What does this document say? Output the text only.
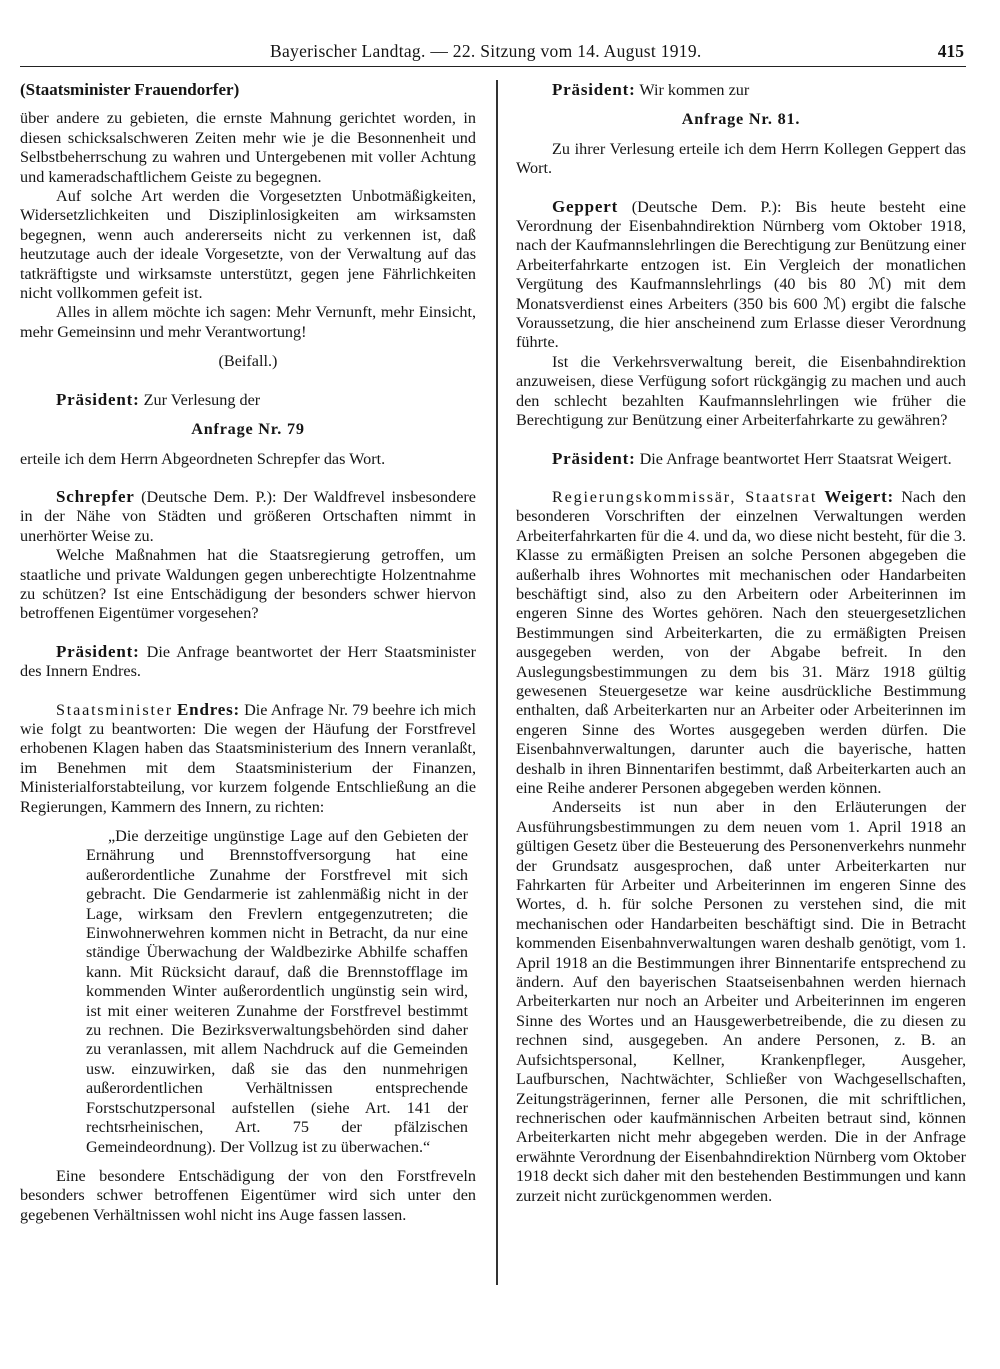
Bayerischer Landtag. — 22. Sitzung vom 14. August 1919.	415

(Staatsminister Frauendorfer)

über andere zu gebieten, die ernste Mahnung gerichtet worden, in diesen schicksalschweren Zeiten mehr wie je die Besonnenheit und Selbstbeherrschung zu wahren und Untergebenen mit voller Achtung und kameradschaftlichem Geiste zu begegnen.

Auf solche Art werden die Vorgesetzten Unbotmäßigkeiten, Widersetzlichkeiten und Disziplinlosigkeiten am wirksamsten begegnen, wenn auch andererseits nicht zu verkennen ist, daß heutzutage auch der ideale Vorgesetzte, von der Verwaltung auf das tatkräftigste und wirksamste unterstützt, gegen jene Fährlichkeiten nicht vollkommen gefeit ist.

Alles in allem möchte ich sagen: Mehr Vernunft, mehr Einsicht, mehr Gemeinsinn und mehr Verantwortung!

(Beifall.)

Präsident: Zur Verlesung der

Anfrage Nr. 79

erteile ich dem Herrn Abgeordneten Schrepfer das Wort.

Schrepfer (Deutsche Dem. P.): Der Waldfrevel insbesondere in der Nähe von Städten und größeren Ortschaften nimmt in unerhörter Weise zu.

Welche Maßnahmen hat die Staatsregierung getroffen, um staatliche und private Waldungen gegen unberechtigte Holzentnahme zu schützen? Ist eine Entschädigung der besonders schwer hiervon betroffenen Eigentümer vorgesehen?

Präsident: Die Anfrage beantwortet der Herr Staatsminister des Innern Endres.

Staatsminister Endres: Die Anfrage Nr. 79 beehre ich mich wie folgt zu beantworten: Die wegen der Häufung der Forstfrevel erhobenen Klagen haben das Staatsministerium des Innern veranlaßt, im Benehmen mit dem Staatsministerium der Finanzen, Ministerialforstabteilung, vor kurzem folgende Entschließung an die Regierungen, Kammern des Innern, zu richten:

„Die derzeitige ungünstige Lage auf den Gebieten der Ernährung und Brennstoffversorgung hat eine außerordentliche Zunahme der Forstfrevel mit sich gebracht. Die Gendarmerie ist zahlenmäßig nicht in der Lage, wirksam den Frevlern entgegenzutreten; die Einwohnerwehren kommen nicht in Betracht, da nur eine ständige Überwachung der Waldbezirke Abhilfe schaffen kann. Mit Rücksicht darauf, daß die Brennstofflage im kommenden Winter außerordentlich ungünstig sein wird, ist mit einer weiteren Zunahme der Forstfrevel bestimmt zu rechnen. Die Bezirksverwaltungsbehörden sind daher zu veranlassen, mit allem Nachdruck auf die Gemeinden usw. einzuwirken, daß sie das den nunmehrigen außerordentlichen Verhältnissen entsprechende Forstschutzpersonal aufstellen (siehe Art. 141 der rechtsrheinischen, Art. 75 der pfälzischen Gemeindeordnung). Der Vollzug ist zu überwachen.“

Eine besondere Entschädigung der von den Forstfreveln besonders schwer betroffenen Eigentümer wird sich unter den gegebenen Verhältnissen wohl nicht ins Auge fassen lassen.

Präsident: Wir kommen zur

Anfrage Nr. 81.

Zu ihrer Verlesung erteile ich dem Herrn Kollegen Geppert das Wort.

Geppert (Deutsche Dem. P.): Bis heute besteht eine Verordnung der Eisenbahndirektion Nürnberg vom Oktober 1918, nach der Kaufmannslehrlingen die Berechtigung zur Benützung einer Arbeiterfahrkarte entzogen ist. Ein Vergleich der monatlichen Vergütung des Kaufmannslehrlings (40 bis 80 ℳ) mit dem Monatsverdienst eines Arbeiters (350 bis 600 ℳ) ergibt die falsche Voraussetzung, die hier anscheinend zum Erlasse dieser Verordnung führte.

Ist die Verkehrsverwaltung bereit, die Eisenbahndirektion anzuweisen, diese Verfügung sofort rückgängig zu machen und auch den schlecht bezahlten Kaufmannslehrlingen wie früher die Berechtigung zur Benützung einer Arbeiterfahrkarte zu gewähren?

Präsident: Die Anfrage beantwortet Herr Staatsrat Weigert.

Regierungskommissär, Staatsrat Weigert: Nach den besonderen Vorschriften der einzelnen Verwaltungen werden Arbeiterfahrkarten für die 4. und da, wo diese nicht besteht, für die 3. Klasse zu ermäßigten Preisen an solche Personen abgegeben die außerhalb ihres Wohnortes mit mechanischen oder Handarbeiten beschäftigt sind, also zu den Arbeitern oder Arbeiterinnen im engeren Sinne des Wortes gehören. Nach den steuergesetzlichen Bestimmungen sind Arbeiterkarten, die zu ermäßigten Preisen ausgegeben werden, von der Abgabe befreit. In den Auslegungsbestimmungen zu dem bis 31. März 1918 gültig gewesenen Steuergesetze war keine ausdrückliche Bestimmung enthalten, daß Arbeiterkarten nur an Arbeiter oder Arbeiterinnen im engeren Sinne des Wortes ausgegeben werden dürfen. Die Eisenbahnverwaltungen, darunter auch die bayerische, hatten deshalb in ihren Binnentarifen bestimmt, daß Arbeiterkarten auch an eine Reihe anderer Personen abgegeben werden können.

Anderseits ist nun aber in den Erläuterungen der Ausführungsbestimmungen zu dem neuen vom 1. April 1918 an gültigen Gesetz über die Besteuerung des Personenverkehrs nunmehr der Grundsatz ausgesprochen, daß unter Arbeiterkarten nur Fahrkarten für Arbeiter und Arbeiterinnen im engeren Sinne des Wortes, d. h. für solche Personen zu verstehen sind, die mit mechanischen oder Handarbeiten beschäftigt sind. Die in Betracht kommenden Eisenbahnverwaltungen waren deshalb genötigt, vom 1. April 1918 an die Bestimmungen ihrer Binnentarife entsprechend zu ändern. Auf den bayerischen Staatseisenbahnen werden hiernach Arbeiterkarten nur noch an Arbeiter und Arbeiterinnen im engeren Sinne des Wortes und an Hausgewerbetreibende, die zu diesen zu rechnen sind, ausgegeben. An andere Personen, z. B. an Aufsichtspersonal, Kellner, Krankenpfleger, Ausgeher, Laufburschen, Nachtwächter, Schließer von Wachgesellschaften, Zeitungsträgerinnen, ferner alle Personen, die mit schriftlichen, rechnerischen oder kaufmännischen Arbeiten betraut sind, können Arbeiterkarten nicht mehr abgegeben werden. Die in der Anfrage erwähnte Verordnung der Eisenbahndirektion Nürnberg vom Oktober 1918 deckt sich daher mit den bestehenden Bestimmungen und kann zurzeit nicht zurückgenommen werden.
